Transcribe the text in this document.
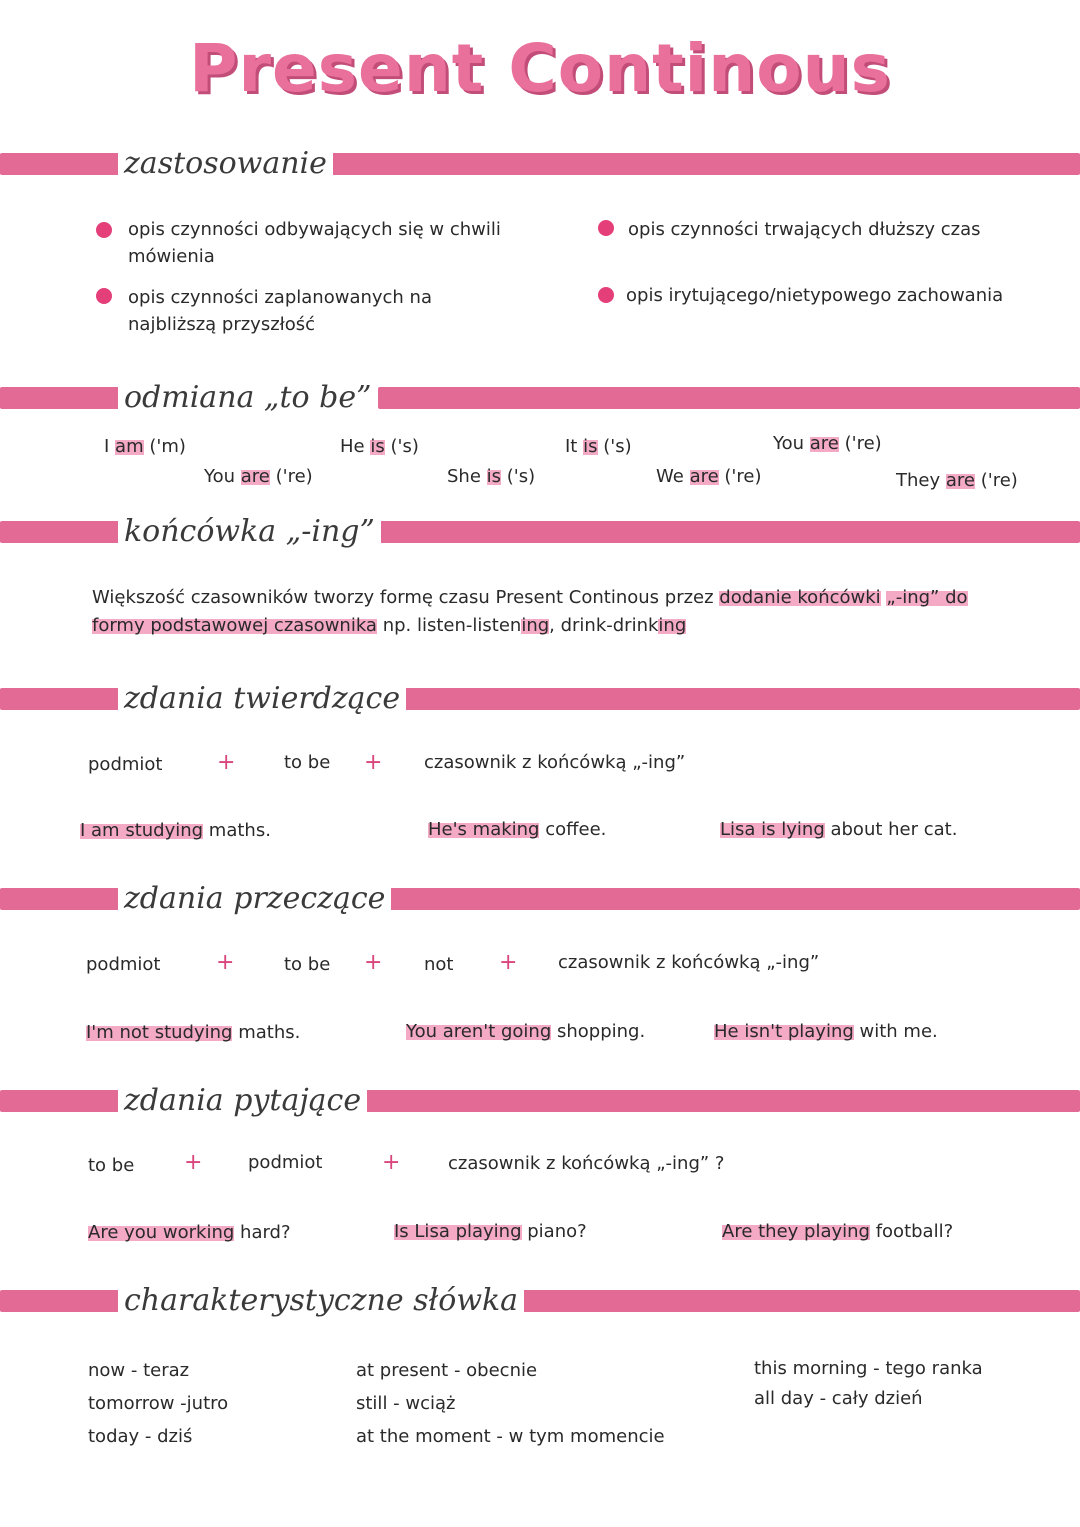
Present Continous
zastosowanie
opis czynności odbywających się w chwili mówienia
opis czynności zaplanowanych na najbliższą przyszłość
opis czynności trwających dłuższy czas
opis irytującego/nietypowego zachowania
odmiana „to be”
I am ('m)
You are ('re)
He is ('s)
She is ('s)
It is ('s)
We are ('re)
You are ('re)
They are ('re)
końcówka „-ing”
Większość czasowników tworzy formę czasu Present Continous przez dodanie końcówki „-ing” do formy podstawowej czasownika np. listen-listening, drink-drinking
zdania twierdzące
podmiot +	to be + czasownik z końcówką „-ing”
I am studying maths.	He's making coffee.	Lisa is lying about her cat.
zdania przeczące
podmiot	+	to be + not + czasownik z końcówką „-ing”
I'm not studying maths.	You aren't going shopping.	He isn't playing with me.
zdania pytające
to be +	podmiot	+	czasownik z końcówką „-ing” ?
Are you working hard?	Is Lisa playing piano?	Are they playing football?
charakterystyczne słówka
now - teraz
tomorrow -jutro
today - dziś
at present - obecnie
still - wciąż
at the moment - w tym momencie
this morning - tego ranka
all day - cały dzień
